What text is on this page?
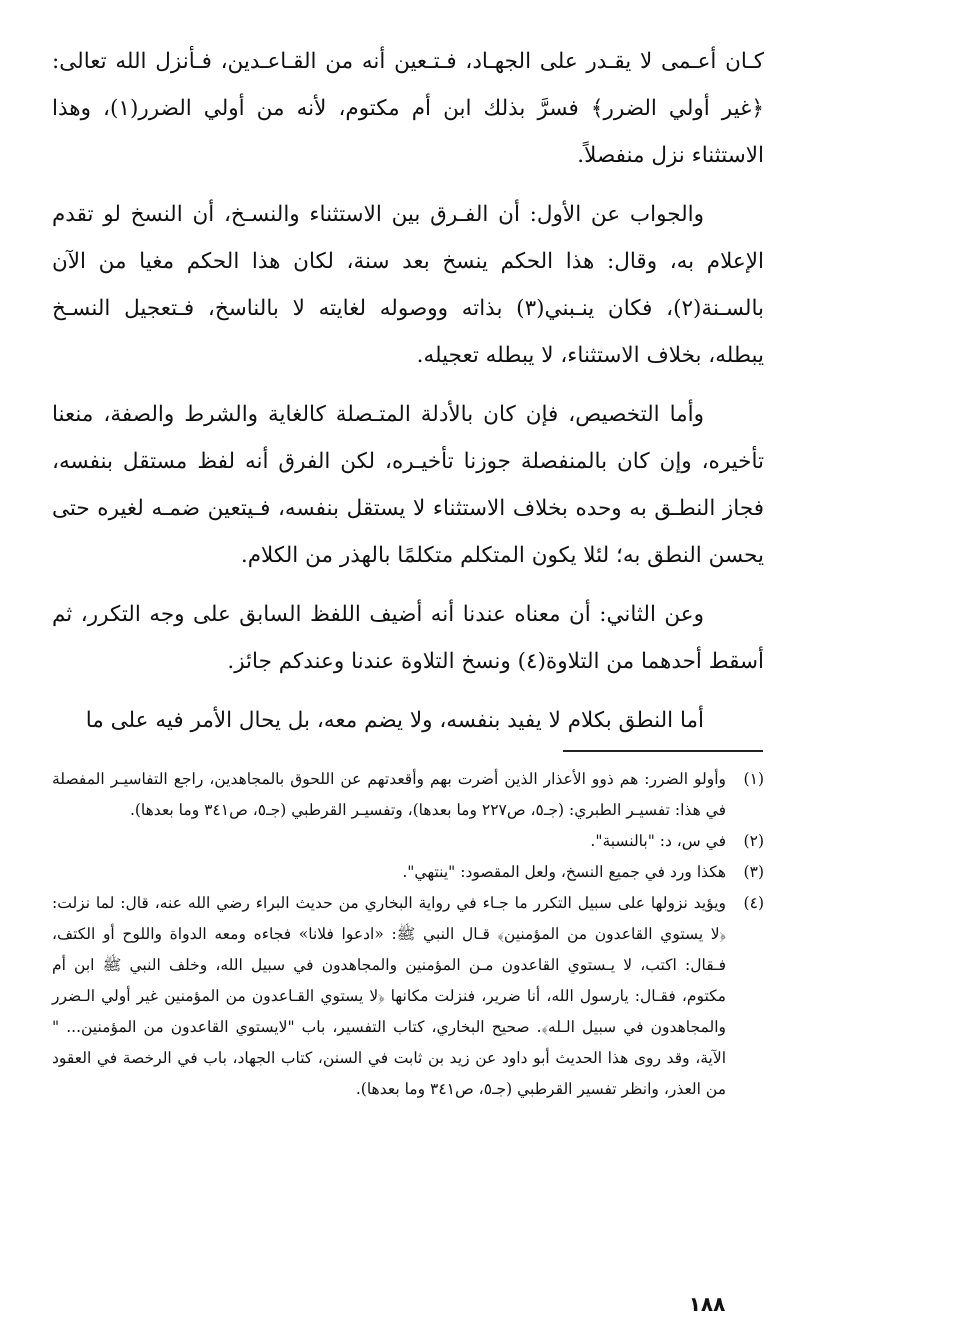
كـان أعـمى لا يقـدر على الجهـاد، فـتـعين أنه من القـاعـدين، فـأنزل الله تعالى: ﴿غير أولي الضرر﴾ فسرَّ بذلك ابن أم مكتوم، لأنه من أولي الضرر(١)، وهذا الاستثناء نزل منفصلاً.

والجواب عن الأول: أن الفـرق بين الاستثناء والنسـخ، أن النسخ لو تقدم الإعلام به، وقال: هذا الحكم ينسخ بعد سنة، لكان هذا الحكم مغيا من الآن بالسـنة(٢)، فكان ينـبني(٣) بذاته ووصوله لغايته لا بالناسخ، فـتعجيل النسـخ يبطله، بخلاف الاستثناء، لا يبطله تعجيله.

وأما التخصيص، فإن كان بالأدلة المتـصلة كالغاية والشرط والصفة، منعنا تأخيره، وإن كان بالمنفصلة جوزنا تأخيـره، لكن الفرق أنه لفظ مستقل بنفسه، فجاز النطـق به وحده بخلاف الاستثناء لا يستقل بنفسه، فـيتعين ضمـه لغيره حتى يحسن النطق به؛ لئلا يكون المتكلم متكلمًا بالهذر من الكلام.

وعن الثاني: أن معناه عندنا أنه أضيف اللفظ السابق على وجه التكرر، ثم أسقط أحدهما من التلاوة(٤) ونسخ التلاوة عندنا وعندكم جائز.

أما النطق بكلام لا يفيد بنفسه، ولا يضم معه، بل يحال الأمر فيه على ما

(١)
وأولو الضرر: هم ذوو الأعذار الذين أضرت بهم وأقعدتهم عن اللحوق بالمجاهدين، راجع التفاسيـر المفصلة في هذا: تفسيـر الطبري: (جـ٥، ص٢٢٧ وما بعدها)، وتفسيـر القرطبي (جـ٥، ص٣٤١ وما بعدها).
(٢)
في س، د: "بالنسبة".
(٣)
هكذا ورد في جميع النسخ، ولعل المقصود: "ينتهي".
(٤)
ويؤيد نزولها على سبيل التكرر ما جـاء في رواية البخاري من حديث البراء رضي الله عنه، قال: لما نزلت: ﴿لا يستوي القاعدون من المؤمنين﴾ قـال النبي ﷺ: «ادعوا فلانا» فجاءه ومعه الدواة واللوح أو الكتف، فـقال: اكتب، لا يـستوي القاعدون مـن المؤمنين والمجاهدون في سبيل الله، وخلف النبي ﷺ ابن أم مكتوم، فقـال: يارسول الله، أنا ضرير، فنزلت مكانها ﴿لا يستوي القـاعدون من المؤمنين غير أولي الـضرر والمجاهدون في سبيل الـله﴾. صحيح البخاري، كتاب التفسير، باب "لايستوي القاعدون من المؤمنين... " الآية، وقد روى هذا الحديث أبو داود عن زيد بن ثابت في السنن، كتاب الجهاد، باب في الرخصة في العقود من العذر، وانظر تفسير القرطبي (جـ٥، ص٣٤١ وما بعدها).
١٨٨
